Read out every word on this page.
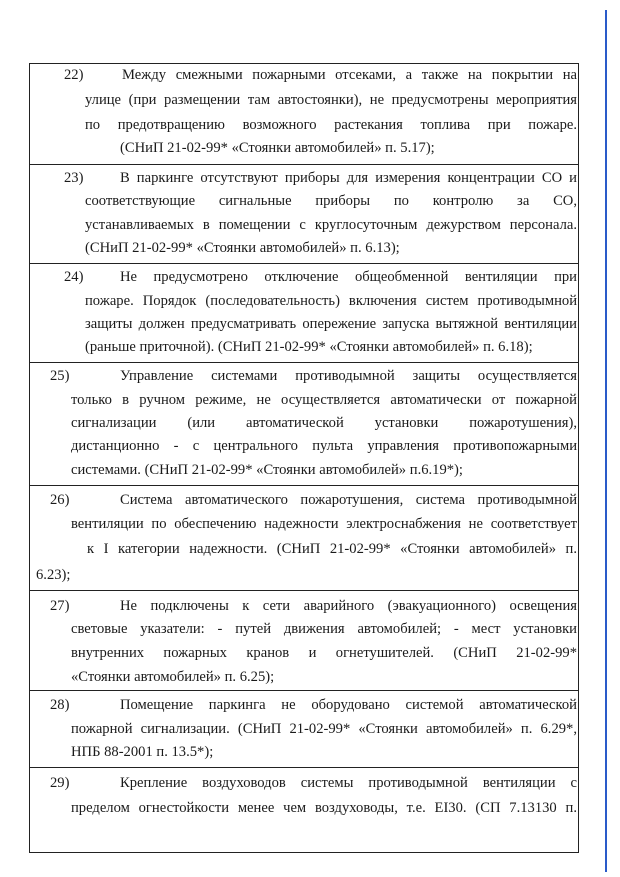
22)	Между смежными пожарными отсеками, а также на покрытии на
улице (при размещении там автостоянки), не предусмотрены мероприятия
по предотвращению возможного растекания топлива при пожаре.
(СНиП 21-02-99* «Стоянки автомобилей» п. 5.17);
23)	В паркинге отсутствуют приборы для измерения концентрации СО и
соответствующие сигнальные приборы по контролю за СО,
устанавливаемых в помещении с круглосуточным дежурством персонала.
(СНиП 21-02-99* «Стоянки автомобилей» п. 6.13);
24)	Не предусмотрено отключение общеобменной вентиляции при
пожаре. Порядок (последовательность) включения систем противодымной
защиты должен предусматривать опережение запуска вытяжной вентиляции
(раньше приточной). (СНиП 21-02-99* «Стоянки автомобилей» п. 6.18);
25)	Управление системами противодымной защиты осуществляется
только в ручном режиме, не осуществляется автоматически от пожарной
сигнализации (или автоматической установки пожаротушения),
дистанционно - с центрального пульта управления противопожарными
системами. (СНиП 21-02-99* «Стоянки автомобилей» п.6.19*);
26)	Система автоматического пожаротушения, система противодымной
вентиляции по обеспечению надежности электроснабжения не соответствует
к I категории надежности. (СНиП 21-02-99* «Стоянки автомобилей» п.
6.23);
27)	Не подключены к сети аварийного (эвакуационного) освещения
световые указатели: - путей движения автомобилей; - мест установки
внутренних пожарных кранов и огнетушителей. (СНиП 21-02-99*
«Стоянки автомобилей» п. 6.25);
28)	Помещение паркинга не оборудовано системой автоматической
пожарной сигнализации. (СНиП 21-02-99* «Стоянки автомобилей» п. 6.29*,
НПБ 88-2001 п. 13.5*);
29)	Крепление воздуховодов системы противодымной вентиляции с
пределом огнестойкости менее чем воздуховоды, т.е. EI30. (СП 7.13130 п.
